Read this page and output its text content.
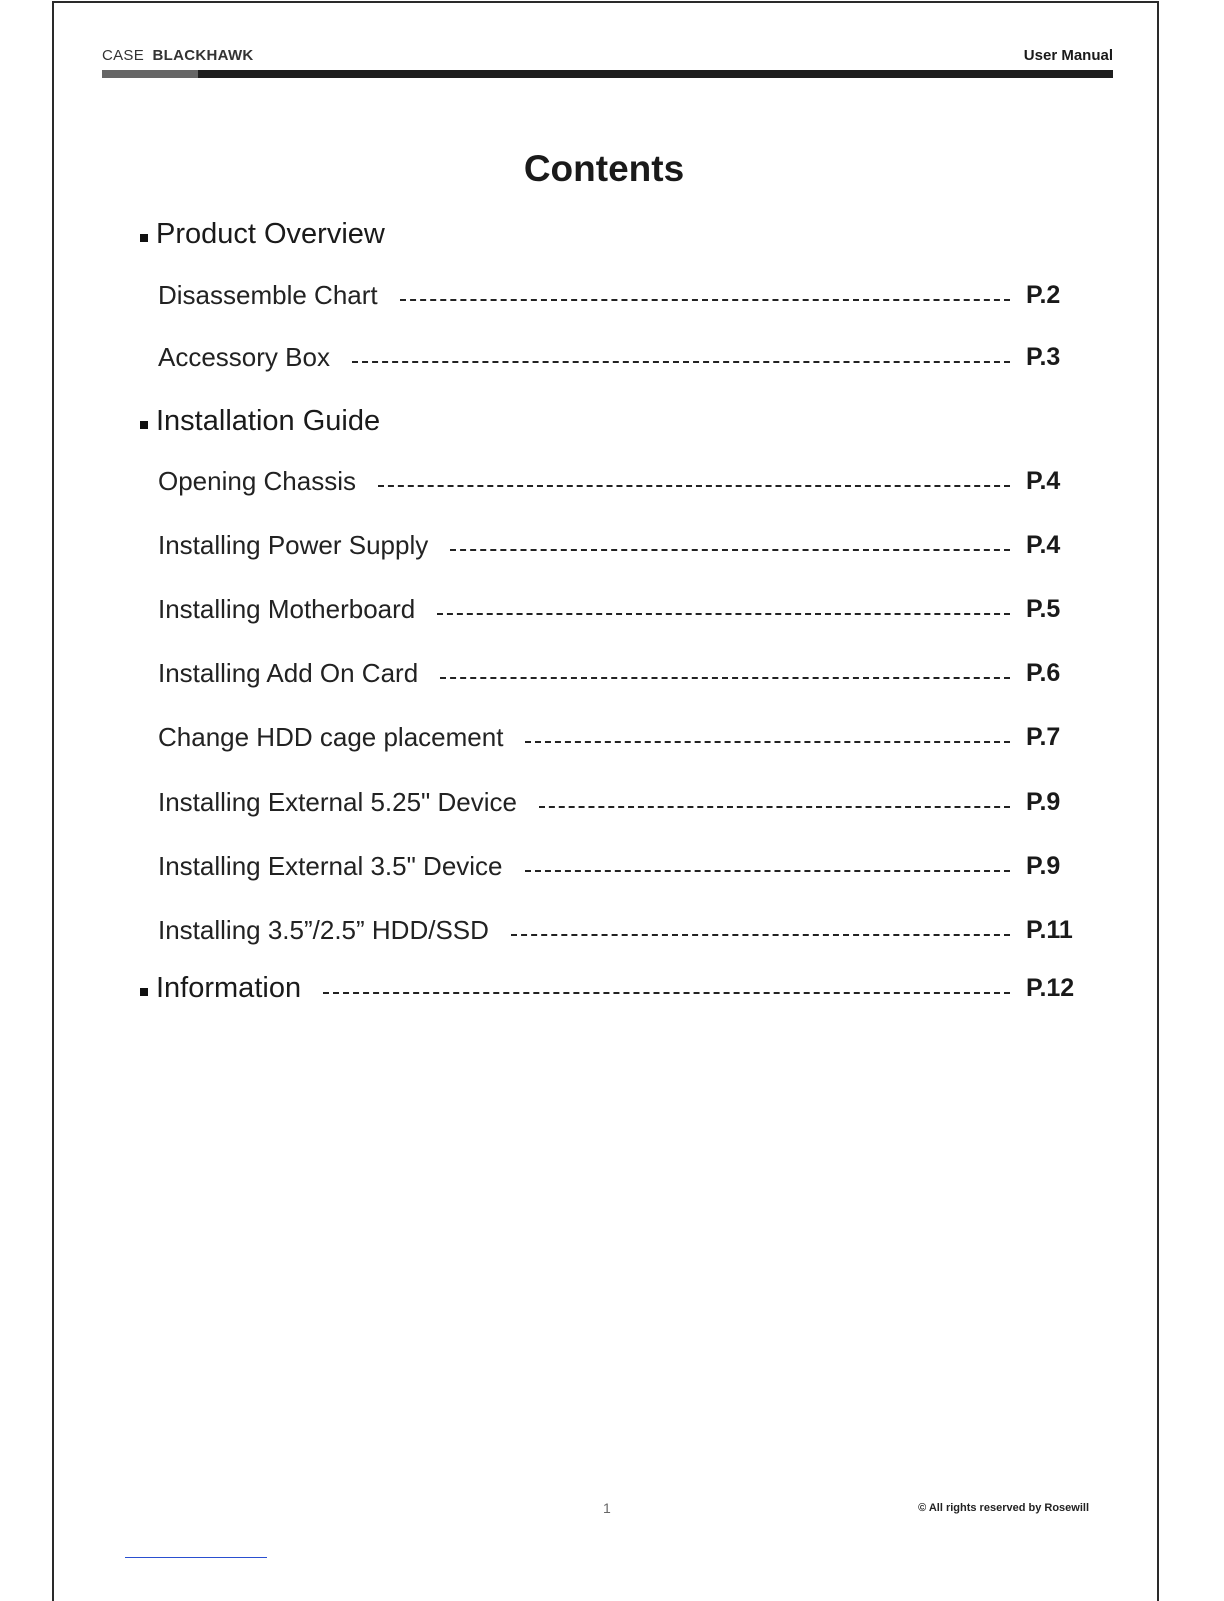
CASE BLACKHAWK	User Manual
Contents
Product Overview
Disassemble Chart	P.2
Accessory Box	P.3
Installation Guide
Opening Chassis	P.4
Installing Power Supply	P.4
Installing Motherboard	P.5
Installing Add On Card	P.6
Change HDD cage placement	P.7
Installing External 5.25" Device	P.9
Installing External 3.5" Device	P.9
Installing 3.5”/2.5” HDD/SSD	P.11
Information	P.12
1	© All rights reserved by Rosewill
